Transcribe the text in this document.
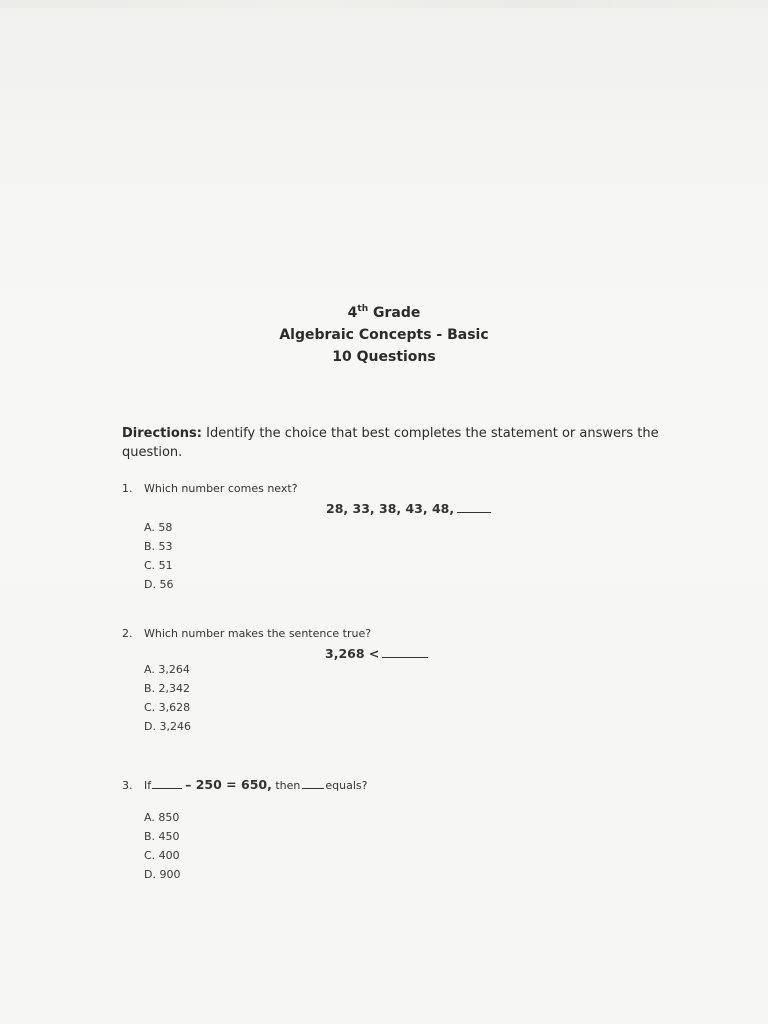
4th Grade
Algebraic Concepts - Basic
10 Questions
Directions: Identify the choice that best completes the statement or answers the question.
1. Which number comes next?
28, 33, 38, 43, 48,
A. 58
B. 53
C. 51
D. 56
2. Which number makes the sentence true?
3,268 <
A. 3,264
B. 2,342
C. 3,628
D. 3,246
3. If	– 250 = 650, then equals?
A. 850
B. 450
C. 400
D. 900
